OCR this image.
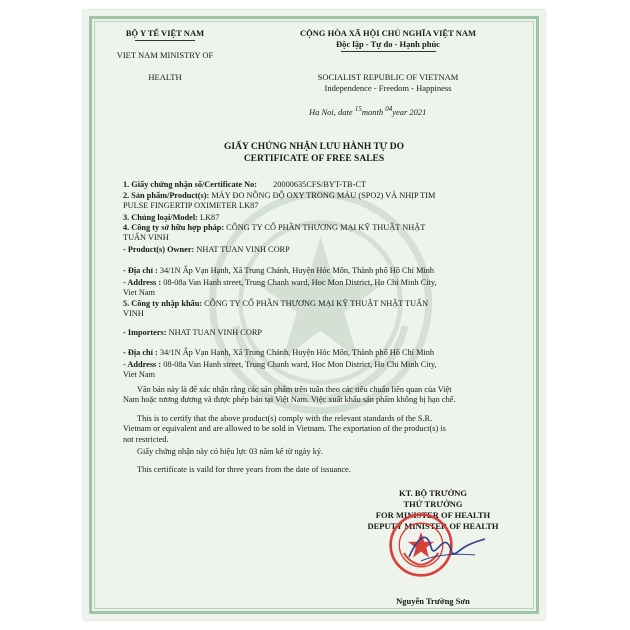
BỘ Y TẾ VIỆT NAM
VIET NAM MINISTRY OF
HEALTH
CỘNG HÒA XÃ HỘI CHỦ NGHĨA VIỆT NAM
Độc lập - Tự do - Hạnh phúc
SOCIALIST REPUBLIC OF VIETNAM
Independence - Freedom - Happiness
Ha Noi, date $^{15}$month $^{04}$year 2021
GIẤY CHỨNG NHẬN LƯU HÀNH TỰ DO
CERTIFICATE OF FREE SALES
1. Giấy chứng nhận số/Certificate No: 20000635CFS/BYT-TB-CT
2. Sản phẩm/Product(s): MÁY ĐO NỒNG ĐỘ OXY TRONG MÁU (SPO2) VÀ NHỊP TIM
PULSE FINGERTIP OXIMETER LK87
3. Chủng loại/Model: LK87
4. Công ty sở hữu hợp pháp: CÔNG TY CỔ PHẦN THƯƠNG MẠI KỸ THUẬT NHẬT
TUẤN VINH
- Product(s) Owner: NHAT TUAN VINH CORP
- Địa chỉ : 34/1N Ấp Vạn Hạnh, Xã Trung Chánh, Huyện Hóc Môn, Thành phố Hồ Chí Minh
- Address : 08-08a Van Hanh street, Trung Chanh ward, Hoc Mon District, Ho Chi Minh City,
Viet Nam
5. Công ty nhập khẩu: CÔNG TY CỔ PHẦN THƯƠNG MẠI KỸ THUẬT NHẬT TUẤN
VINH
- Importers: NHAT TUAN VINH CORP
- Địa chỉ : 34/1N Ấp Vạn Hạnh, Xã Trung Chánh, Huyện Hóc Môn, Thành phố Hồ Chí Minh
- Address : 08-08a Van Hanh street, Trung Chanh ward, Hoc Mon District, Ho Chi Minh City,
Viet Nam
Văn bản này là để xác nhận rằng các sản phẩm trên tuân theo các tiêu chuẩn liên quan của Việt
Nam hoặc tương đương và được phép bán tại Việt Nam. Việc xuất khẩu sản phẩm không bị hạn chế.
This is to certify that the above product(s) comply with the relevant standards of the S.R.
Vietnam or equivalent and are allowed to be sold in Vietnam. The exportation of the product(s) is
not restricted.
Giấy chứng nhận này có hiệu lực 03 năm kể từ ngày ký.
This certificate is vaild for three years from the date of issuance.
KT. BỘ TRƯỞNG
THỨ TRƯỞNG
FOR MINISTER OF HEALTH
DEPUTY MINISTER OF HEALTH
Nguyễn Trường Sơn
